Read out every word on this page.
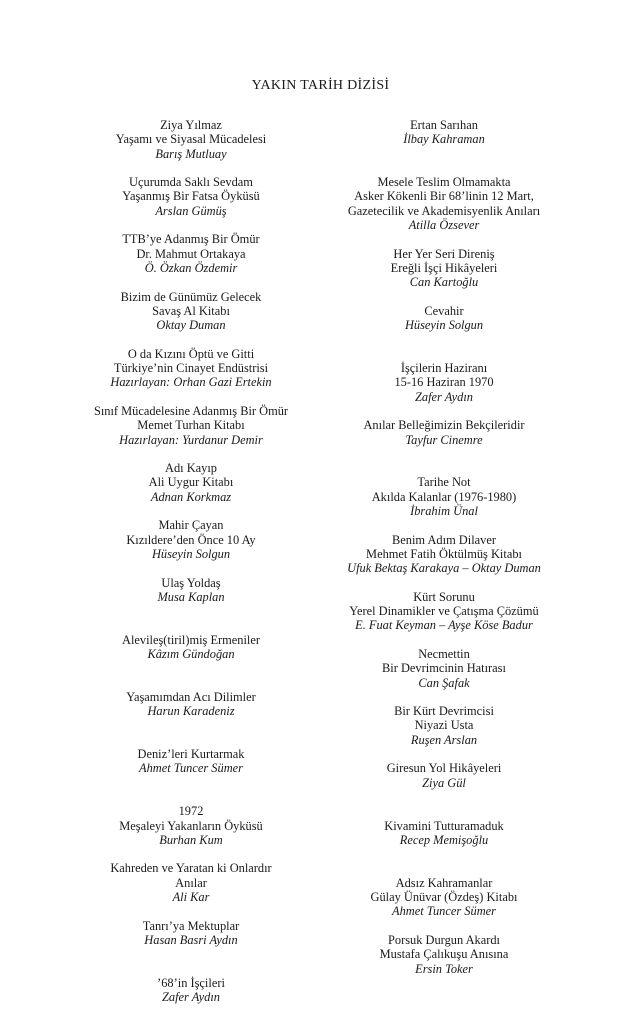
YAKIN TARİH DİZİSİ
Ziya Yılmaz
Yaşamı ve Siyasal Mücadelesi
Barış Mutluay
Uçurumda Saklı Sevdam
Yaşanmış Bir Fatsa Öyküsü
Arslan Gümüş
TTB’ye Adanmış Bir Ömür
Dr. Mahmut Ortakaya
Ö. Özkan Özdemir
Bizim de Günümüz Gelecek
Savaş Al Kitabı
Oktay Duman
O da Kızını Öptü ve Gitti
Türkiye’nin Cinayet Endüstrisi
Hazırlayan: Orhan Gazi Ertekin
Sınıf Mücadelesine Adanmış Bir Ömür
Memet Turhan Kitabı
Hazırlayan: Yurdanur Demir
Adı Kayıp
Ali Uygur Kitabı
Adnan Korkmaz
Mahir Çayan
Kızıldere’den Önce 10 Ay
Hüseyin Solgun
Ulaş Yoldaş
Musa Kaplan
Alevileş(tiril)miş Ermeniler
Kâzım Gündoğan
Yaşamımdan Acı Dilimler
Harun Karadeniz
Deniz’leri Kurtarmak
Ahmet Tuncer Sümer
1972
Meşaleyi Yakanların Öyküsü
Burhan Kum
Kahreden ve Yaratan ki Onlardır
Anılar
Ali Kar
Tanrı’ya Mektuplar
Hasan Basri Aydın
’68’in İşçileri
Zafer Aydın
Ertan Sarıhan
İlbay Kahraman
Mesele Teslim Olmamakta
Asker Kökenli Bir 68’linin 12 Mart,
Gazetecilik ve Akademisyenlik Anıları
Atilla Özsever
Her Yer Seri Direniş
Ereğli İşçi Hikâyeleri
Can Kartoğlu
Cevahir
Hüseyin Solgun
İşçilerin Haziranı
15-16 Haziran 1970
Zafer Aydın
Anılar Belleğimizin Bekçileridir
Tayfur Cinemre
Tarihe Not
Akılda Kalanlar (1976-1980)
İbrahim Ünal
Benim Adım Dilaver
Mehmet Fatih Öktülmüş Kitabı
Ufuk Bektaş Karakaya – Oktay Duman
Kürt Sorunu
Yerel Dinamikler ve Çatışma Çözümü
E. Fuat Keyman – Ayşe Köse Badur
Necmettin
Bir Devrimcinin Hatırası
Can Şafak
Bir Kürt Devrimcisi
Niyazi Usta
Ruşen Arslan
Giresun Yol Hikâyeleri
Ziya Gül
Kivamini Tutturamaduk
Recep Memişoğlu
Adsız Kahramanlar
Gülay Ünüvar (Özdeş) Kitabı
Ahmet Tuncer Sümer
Porsuk Durgun Akardı
Mustafa Çalıkuşu Anısına
Ersin Toker
